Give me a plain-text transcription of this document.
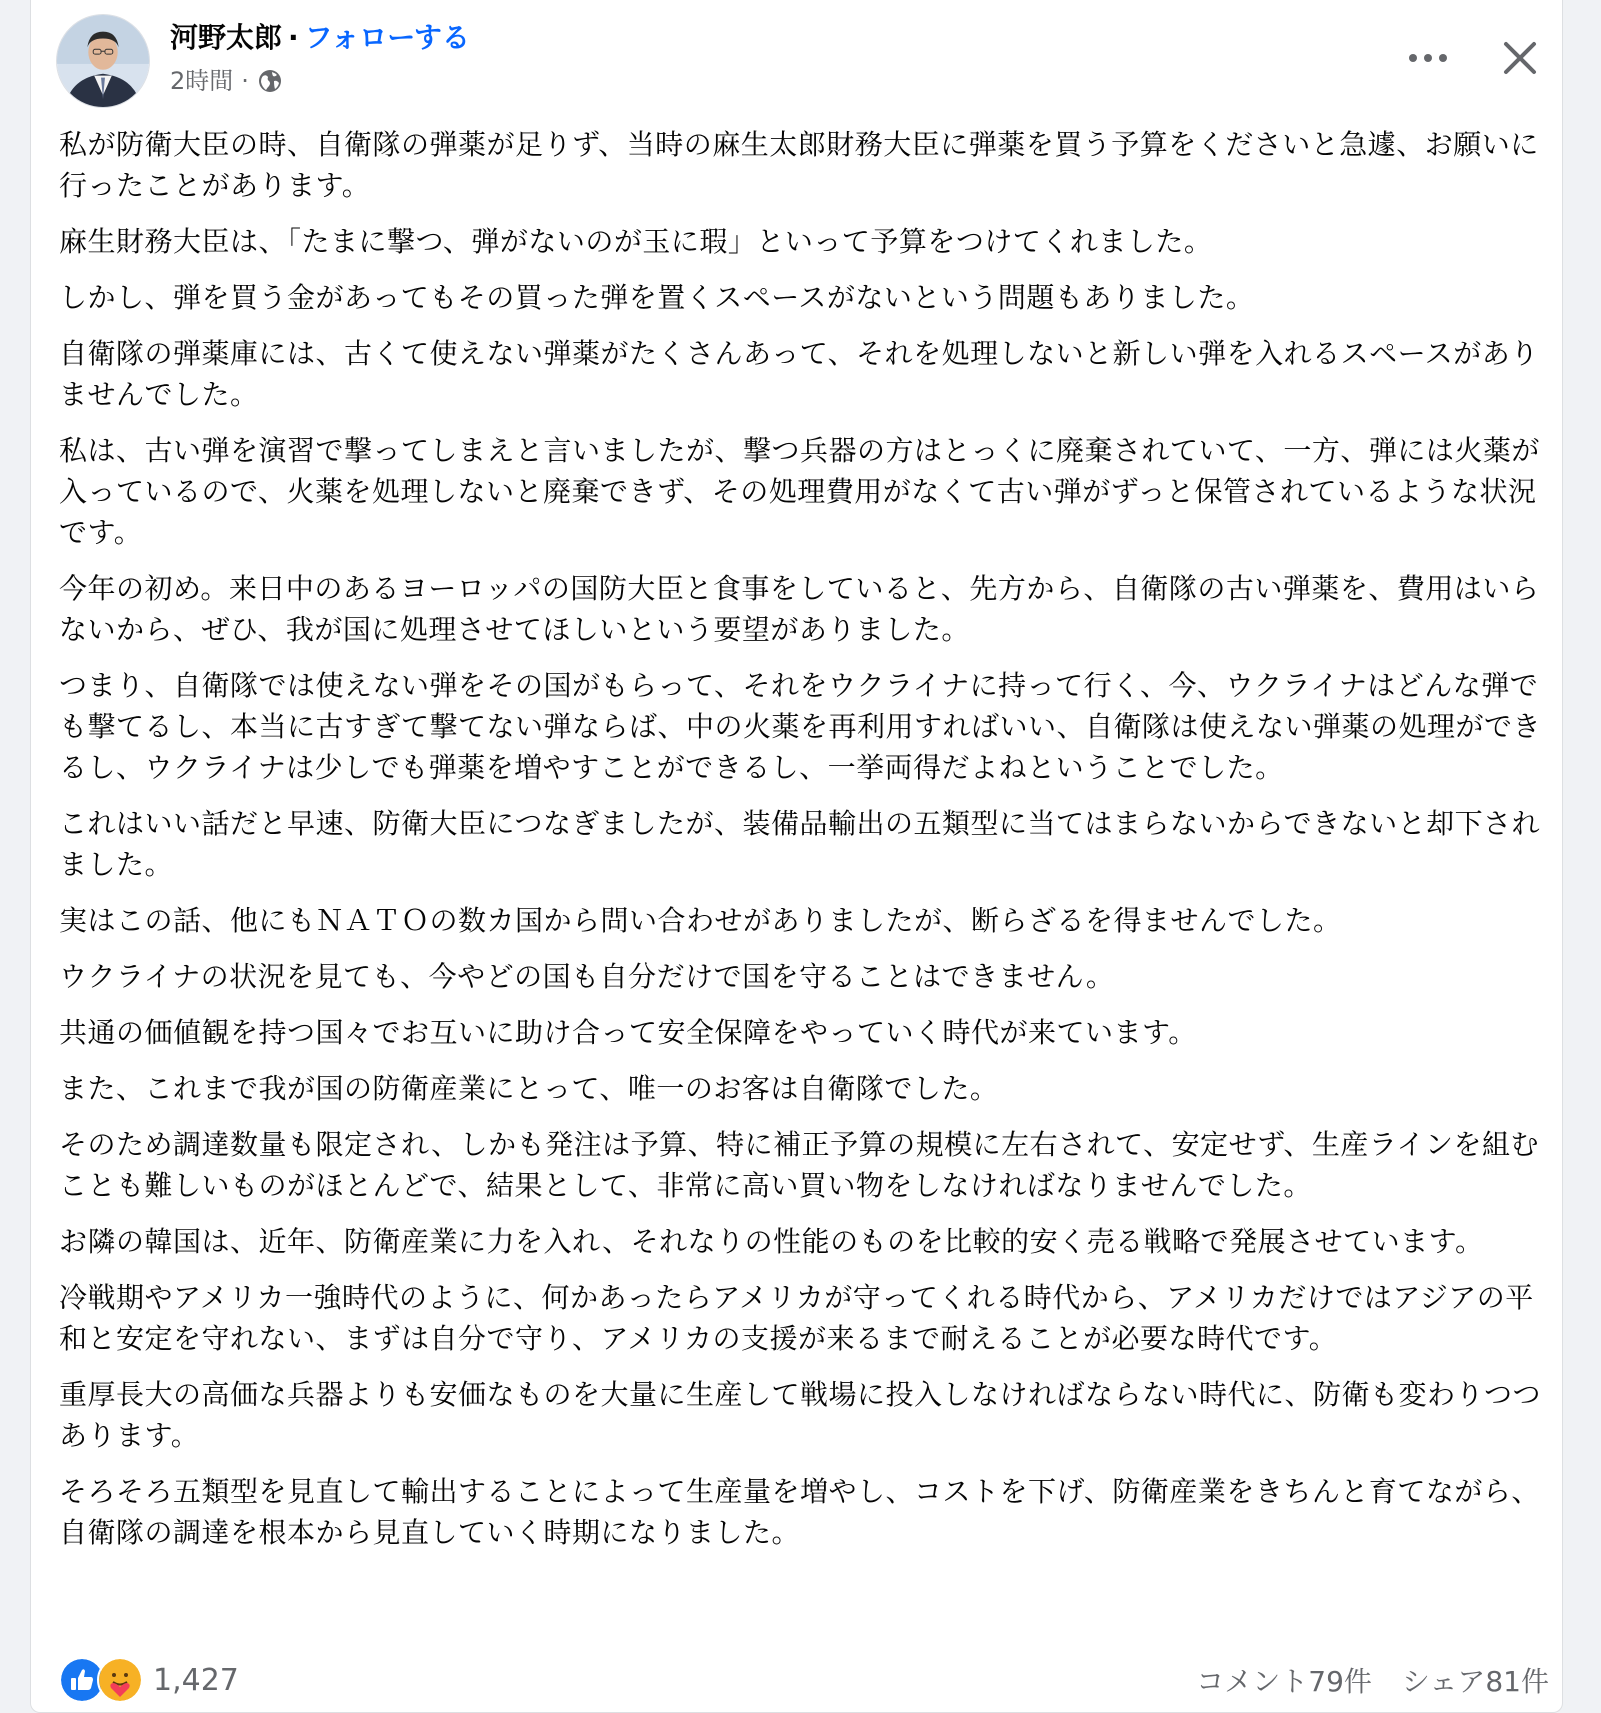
河野太郎 · フォローする
2時間 ·

私が防衛大臣の時、自衛隊の弾薬が足りず、当時の麻生太郎財務大臣に弾薬を買う予算をくださいと急遽、お願いに行ったことがあります。

麻生財務大臣は、「たまに撃つ、弾がないのが玉に瑕」といって予算をつけてくれました。

しかし、弾を買う金があってもその買った弾を置くスペースがないという問題もありました。

自衛隊の弾薬庫には、古くて使えない弾薬がたくさんあって、それを処理しないと新しい弾を入れるスペースがありませんでした。

私は、古い弾を演習で撃ってしまえと言いましたが、撃つ兵器の方はとっくに廃棄されていて、一方、弾には火薬が入っているので、火薬を処理しないと廃棄できず、その処理費用がなくて古い弾がずっと保管されているような状況です。

今年の初め。来日中のあるヨーロッパの国防大臣と食事をしていると、先方から、自衛隊の古い弾薬を、費用はいらないから、ぜひ、我が国に処理させてほしいという要望がありました。

つまり、自衛隊では使えない弾をその国がもらって、それをウクライナに持って行く、今、ウクライナはどんな弾でも撃てるし、本当に古すぎて撃てない弾ならば、中の火薬を再利用すればいい、自衛隊は使えない弾薬の処理ができるし、ウクライナは少しでも弾薬を増やすことができるし、一挙両得だよねということでした。

これはいい話だと早速、防衛大臣につなぎましたが、装備品輸出の五類型に当てはまらないからできないと却下されました。

実はこの話、他にもＮＡＴＯの数カ国から問い合わせがありましたが、断らざるを得ませんでした。

ウクライナの状況を見ても、今やどの国も自分だけで国を守ることはできません。

共通の価値観を持つ国々でお互いに助け合って安全保障をやっていく時代が来ています。

また、これまで我が国の防衛産業にとって、唯一のお客は自衛隊でした。

そのため調達数量も限定され、しかも発注は予算、特に補正予算の規模に左右されて、安定せず、生産ラインを組むことも難しいものがほとんどで、結果として、非常に高い買い物をしなければなりませんでした。

お隣の韓国は、近年、防衛産業に力を入れ、それなりの性能のものを比較的安く売る戦略で発展させています。

冷戦期やアメリカ一強時代のように、何かあったらアメリカが守ってくれる時代から、アメリカだけではアジアの平和と安定を守れない、まずは自分で守り、アメリカの支援が来るまで耐えることが必要な時代です。

重厚長大の高価な兵器よりも安価なものを大量に生産して戦場に投入しなければならない時代に、防衛も変わりつつあります。

そろそろ五類型を見直して輸出することによって生産量を増やし、コストを下げ、防衛産業をきちんと育てながら、自衛隊の調達を根本から見直していく時期になりました。

1,427	コメント79件 シェア81件
